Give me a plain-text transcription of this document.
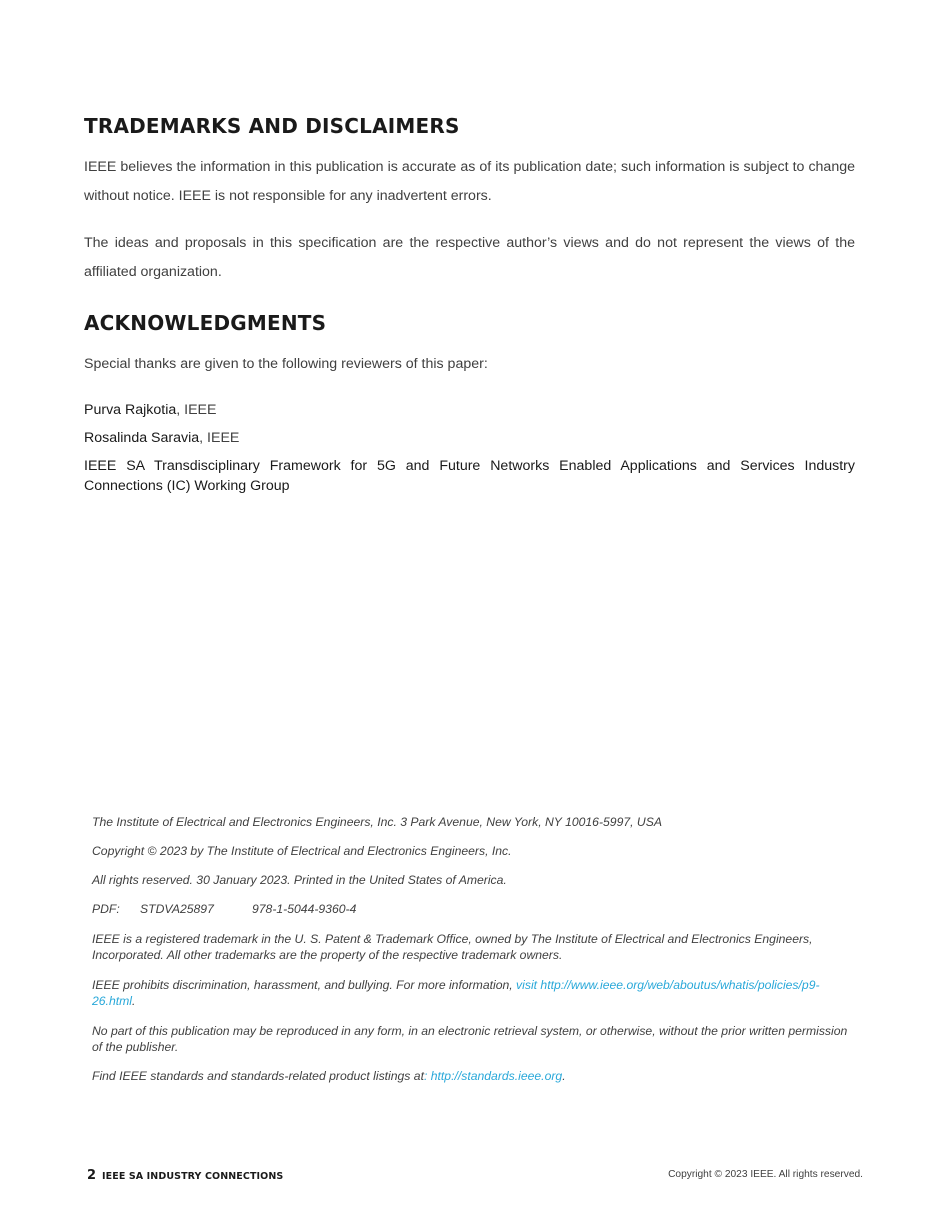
TRADEMARKS AND DISCLAIMERS

IEEE believes the information in this publication is accurate as of its publication date; such information is subject to change without notice. IEEE is not responsible for any inadvertent errors.

The ideas and proposals in this specification are the respective author’s views and do not represent the views of the affiliated organization.

ACKNOWLEDGMENTS

Special thanks are given to the following reviewers of this paper:

Purva Rajkotia, IEEE

Rosalinda Saravia, IEEE

IEEE SA Transdisciplinary Framework for 5G and Future Networks Enabled Applications and Services Industry Connections (IC) Working Group

The Institute of Electrical and Electronics Engineers, Inc. 3 Park Avenue, New York, NY 10016-5997, USA

Copyright © 2023 by The Institute of Electrical and Electronics Engineers, Inc.

All rights reserved. 30 January 2023. Printed in the United States of America.

PDF: STDVA25897	978-1-5044-9360-4

IEEE is a registered trademark in the U. S. Patent & Trademark Office, owned by The Institute of Electrical and Electronics Engineers, Incorporated. All other trademarks are the property of the respective trademark owners.

IEEE prohibits discrimination, harassment, and bullying. For more information, visit http://www.ieee.org/web/aboutus/whatis/policies/p9-26.html.

No part of this publication may be reproduced in any form, in an electronic retrieval system, or otherwise, without the prior written permission of the publisher.

Find IEEE standards and standards-related product listings at: http://standards.ieee.org.

2 IEEE SA INDUSTRY CONNECTIONS	Copyright © 2023 IEEE. All rights reserved.
